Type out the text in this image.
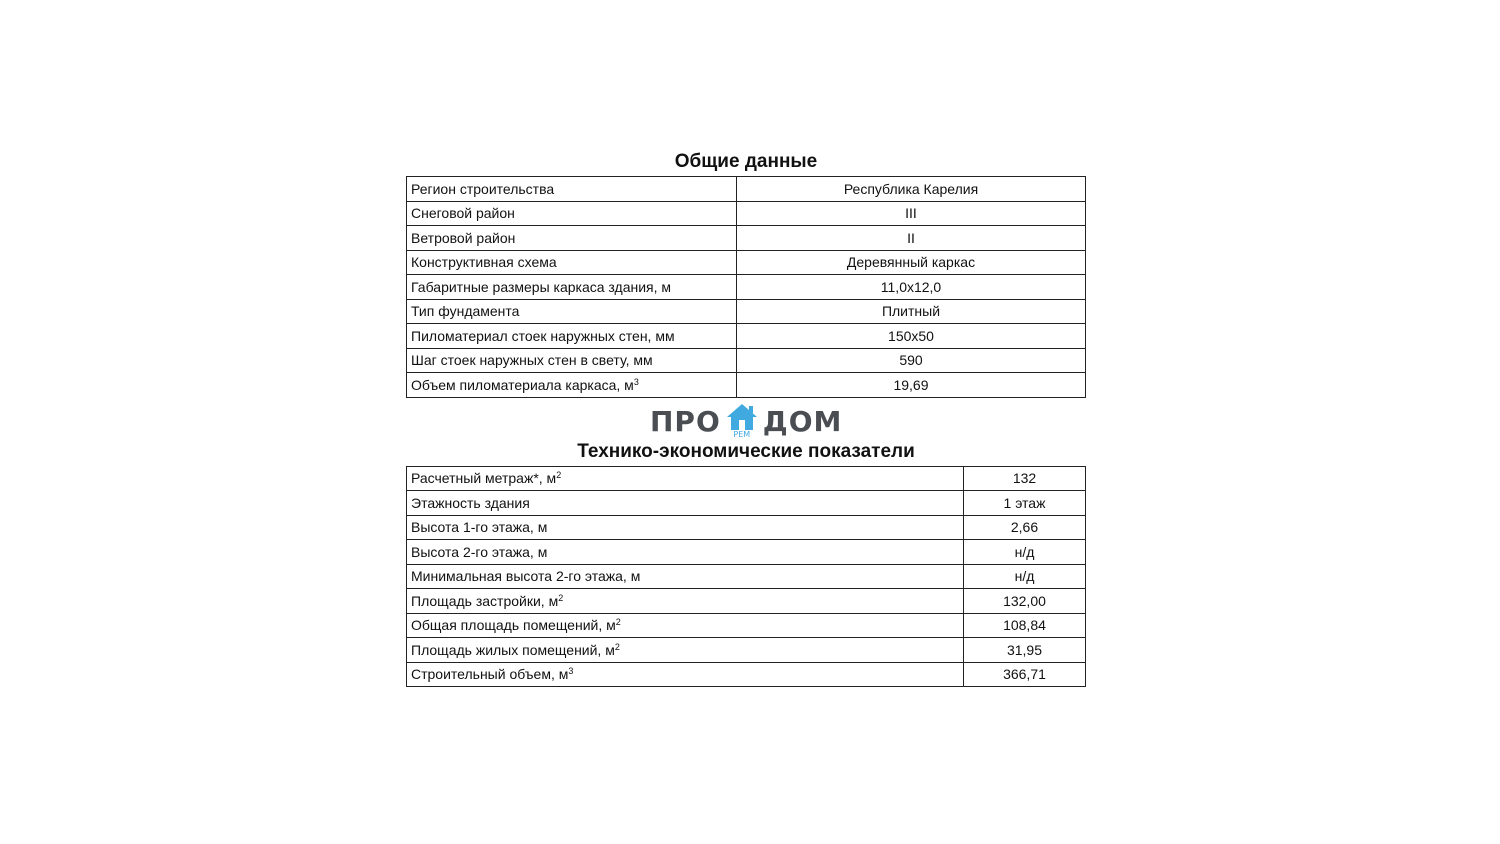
Общие данные
Регион строительства	Республика Карелия
Снеговой район	III
Ветровой район	II
Конструктивная схема	Деревянный каркас
Габаритные размеры каркаса здания, м	11,0x12,0
Тип фундамента	Плитный
Пиломатериал стоек наружных стен, мм	150x50
Шаг стоек наружных стен в свету, мм	590
Объем пиломатериала каркаса, $м^3$	19,69
ПРО	РЕМ ДОМ
Технико-экономические показатели
Расчетный метраж*, $м^2$	132
Этажность здания	1 этаж
Высота 1-го этажа, м	2,66
Высота 2-го этажа, м	н/д
Минимальная высота 2-го этажа, м	н/д
Площадь застройки, $м^2$	132,00
Общая площадь помещений, $м^2$	108,84
Площадь жилых помещений, $м^2$	31,95
Строительный объем, $м^3$	366,71
